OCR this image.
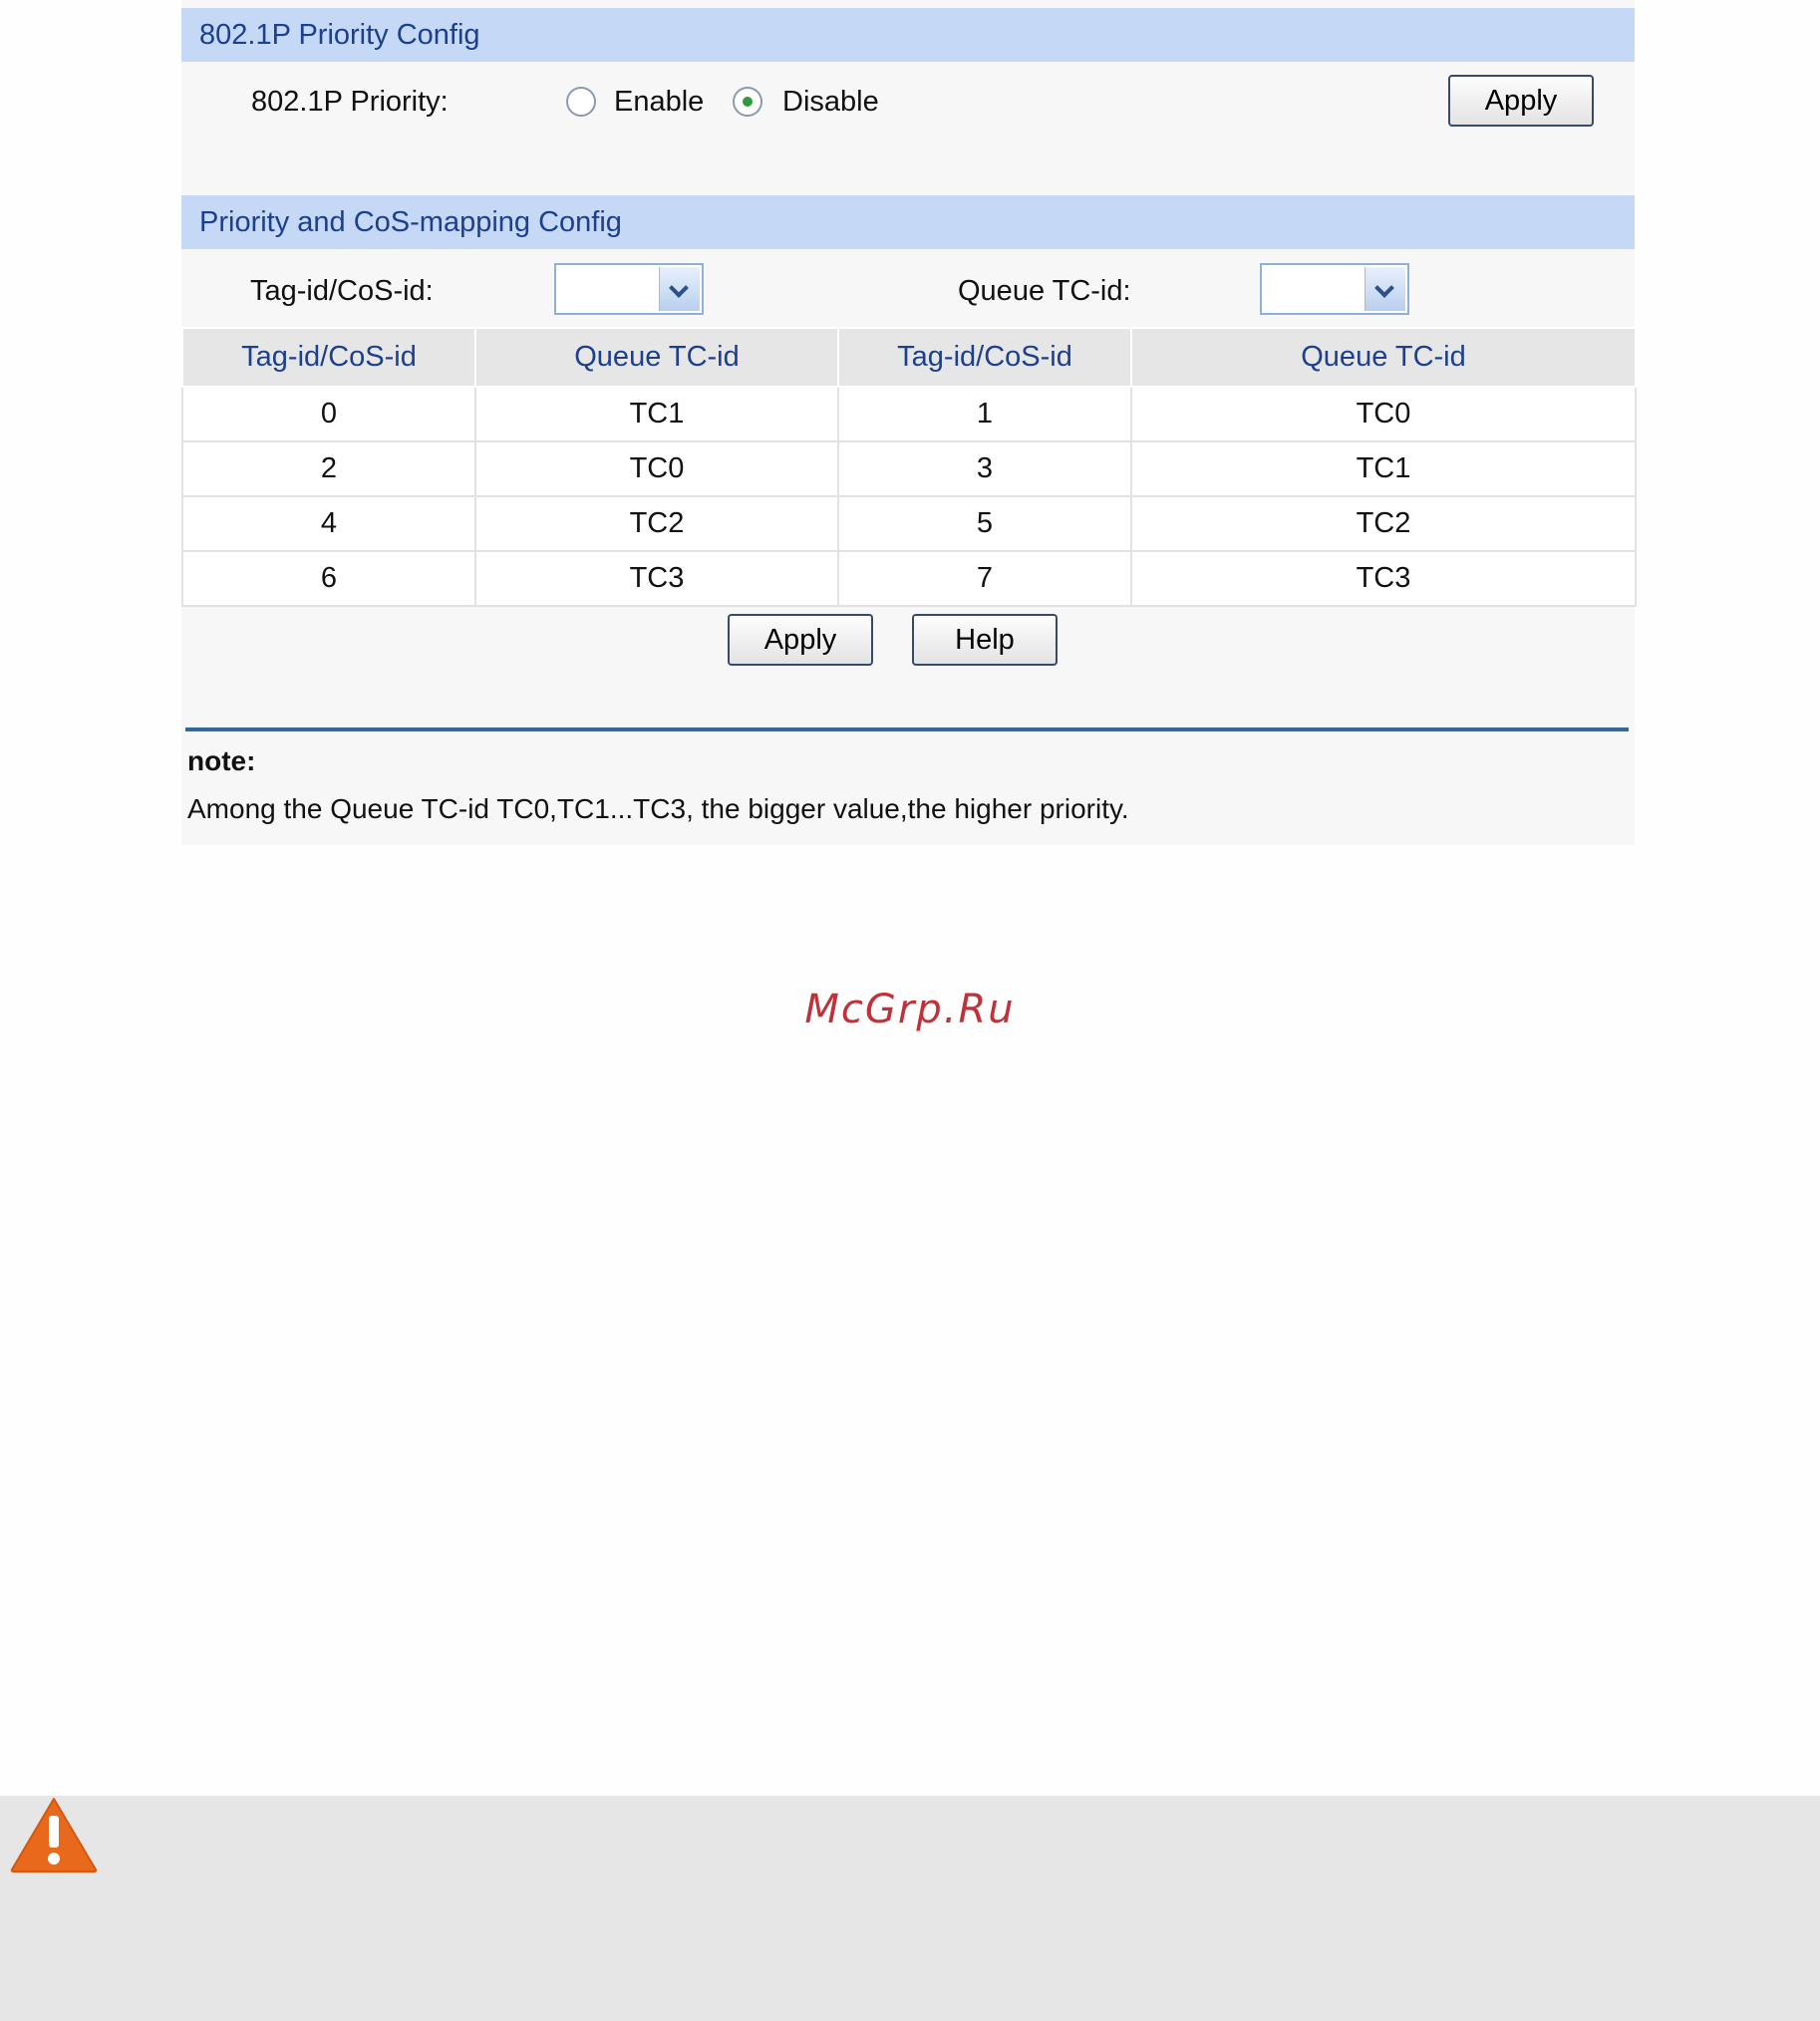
802.1P Priority Config
802.1P Priority:	Enable	Disable	Apply
Priority and CoS-mapping Config
Tag-id/CoS-id:	Queue TC-id:
Tag-id/CoS-id	Queue TC-id	Tag-id/CoS-id	Queue TC-id
0	TC1	1	TC0
2	TC0	3	TC1
4	TC2	5	TC2
6	TC3	7	TC3
Apply	Help
note:
Among the Queue TC-id TC0,TC1...TC3, the bigger value,the higher priority.
McGrp.Ru
